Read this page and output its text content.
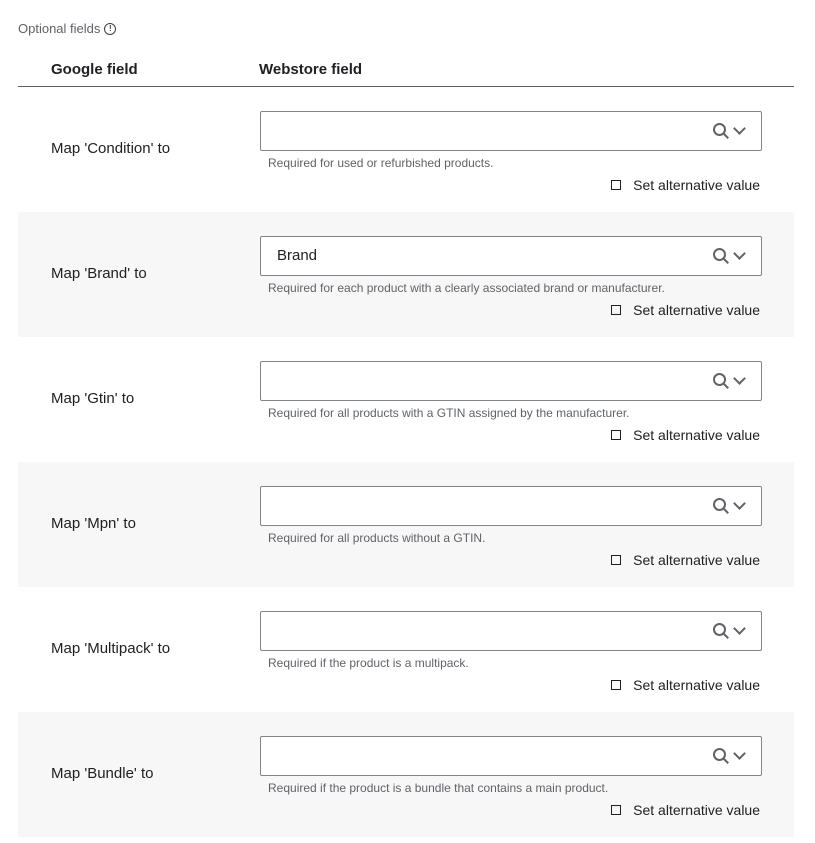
Optional fields	!
Google field	Webstore field
Map 'Condition' to
Required for used or refurbished products.
Set alternative value
Map 'Brand' to
Brand
Required for each product with a clearly associated brand or manufacturer.
Set alternative value
Map 'Gtin' to
Required for all products with a GTIN assigned by the manufacturer.
Set alternative value
Map 'Mpn' to
Required for all products without a GTIN.
Set alternative value
Map 'Multipack' to
Required if the product is a multipack.
Set alternative value
Map 'Bundle' to
Required if the product is a bundle that contains a main product.
Set alternative value
